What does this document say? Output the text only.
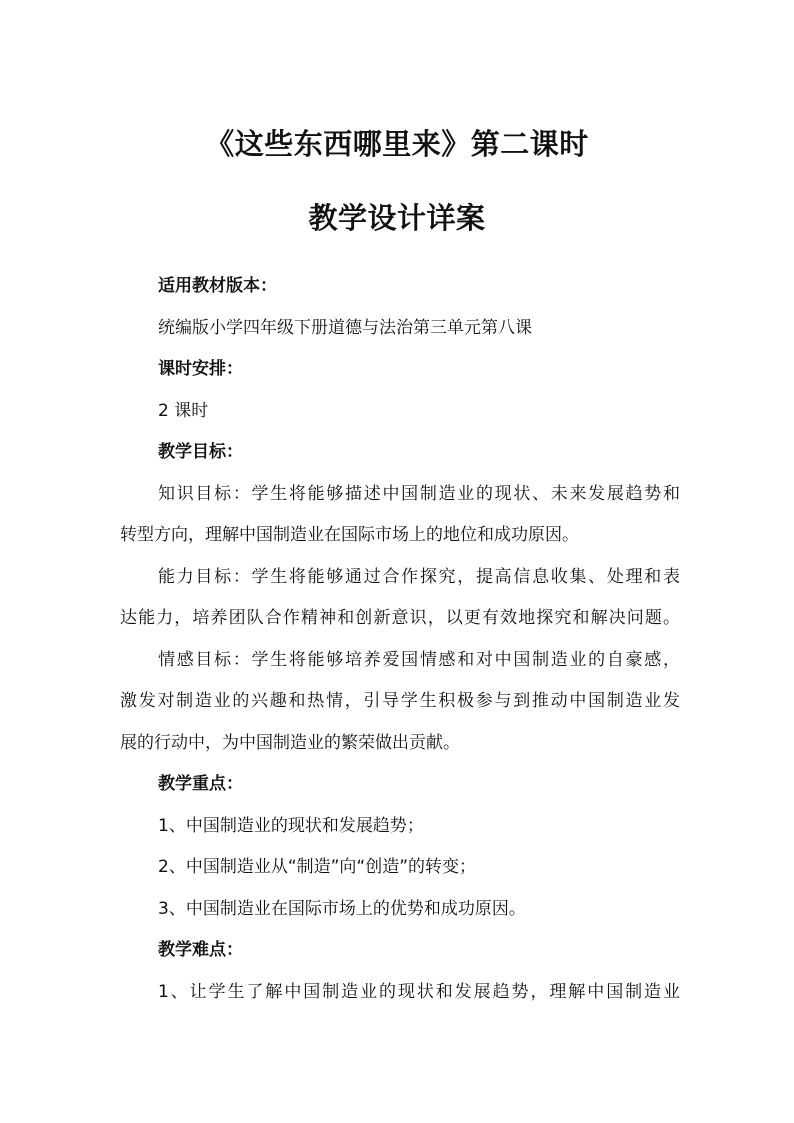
《这些东西哪里来》第二课时
教学设计详案
适用教材版本：
统编版小学四年级下册道德与法治第三单元第八课
课时安排：
2 课时
教学目标：
知识目标：学生将能够描述中国制造业的现状、未来发展趋势和
转型方向，理解中国制造业在国际市场上的地位和成功原因。
能力目标：学生将能够通过合作探究，提高信息收集、处理和表
达能力，培养团队合作精神和创新意识，以更有效地探究和解决问题。
情感目标：学生将能够培养爱国情感和对中国制造业的自豪感，
激发对制造业的兴趣和热情，引导学生积极参与到推动中国制造业发
展的行动中，为中国制造业的繁荣做出贡献。
教学重点：
1、中国制造业的现状和发展趋势；
2、中国制造业从“制造”向“创造”的转变；
3、中国制造业在国际市场上的优势和成功原因。
教学难点：
1、让学生了解中国制造业的现状和发展趋势，理解中国制造业
